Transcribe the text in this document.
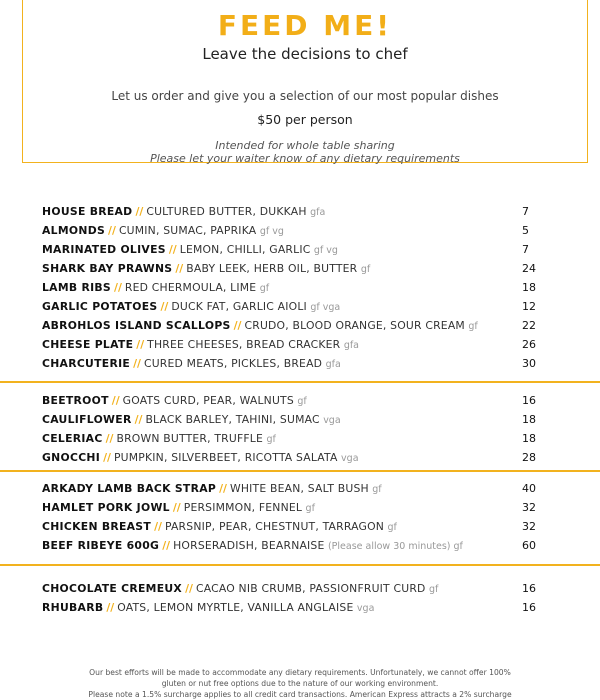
FEED ME!
Leave the decisions to chef
Let us order and give you a selection of our most popular dishes
$50 per person
Intended for whole table sharing
Please let your waiter know of any dietary requirements
HOUSE BREAD // CULTURED BUTTER, DUKKAH gfa	7
ALMONDS // CUMIN, SUMAC, PAPRIKA gf vg	5
MARINATED OLIVES // LEMON, CHILLI, GARLIC gf vg	7
SHARK BAY PRAWNS // BABY LEEK, HERB OIL, BUTTER gf	24
LAMB RIBS // RED CHERMOULA, LIME gf	18
GARLIC POTATOES // DUCK FAT, GARLIC AIOLI gf vga	12
ABROHLOS ISLAND SCALLOPS // CRUDO, BLOOD ORANGE, SOUR CREAM gf	22
CHEESE PLATE // THREE CHEESES, BREAD CRACKER gfa	26
CHARCUTERIE // CURED MEATS, PICKLES, BREAD gfa	30
BEETROOT // GOATS CURD, PEAR, WALNUTS gf	16
CAULIFLOWER // BLACK BARLEY, TAHINI, SUMAC vga	18
CELERIAC // BROWN BUTTER, TRUFFLE gf	18
GNOCCHI // PUMPKIN, SILVERBEET, RICOTTA SALATA vga	28
ARKADY LAMB BACK STRAP // WHITE BEAN, SALT BUSH gf	40
HAMLET PORK JOWL // PERSIMMON, FENNEL gf	32
CHICKEN BREAST // PARSNIP, PEAR, CHESTNUT, TARRAGON gf	32
BEEF RIBEYE 600G // HORSERADISH, BEARNAISE (Please allow 30 minutes) gf	60
CHOCOLATE CREMEUX // CACAO NIB CRUMB, PASSIONFRUIT CURD gf	16
RHUBARB // OATS, LEMON MYRTLE, VANILLA ANGLAISE vga	16
Our best efforts will be made to accommodate any dietary requirements. Unfortunately, we cannot offer 100%
gluten or nut free options due to the nature of our working environment.
Please note a 1.5% surcharge applies to all credit card transactions. American Express attracts a 2% surcharge
